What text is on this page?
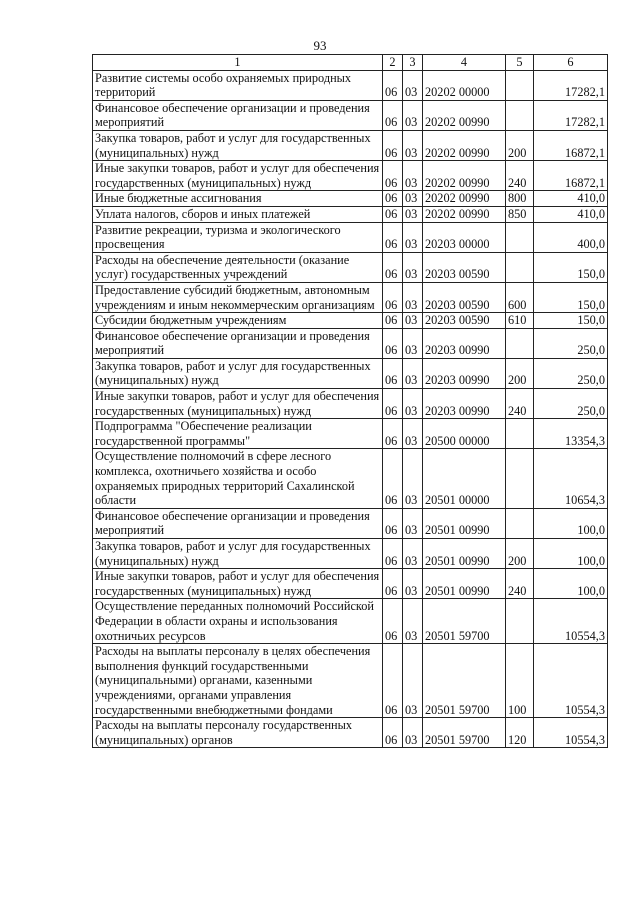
93
1	2	3	4	5	6
Развитие системы особо охраняемых природных территорий	06	03	20202 00000		17282,1
Финансовое обеспечение организации и проведения мероприятий	06	03	20202 00990		17282,1
Закупка товаров, работ и услуг для государственных (муниципальных) нужд	06	03	20202 00990	200	16872,1
Иные закупки товаров, работ и услуг для обеспечения государственных (муниципальных) нужд	06	03	20202 00990	240	16872,1
Иные бюджетные ассигнования	06	03	20202 00990	800	410,0
Уплата налогов, сборов и иных платежей	06	03	20202 00990	850	410,0
Развитие рекреации, туризма и экологического просвещения	06	03	20203 00000		400,0
Расходы на обеспечение деятельности (оказание услуг) государственных учреждений	06	03	20203 00590		150,0
Предоставление субсидий бюджетным, автономным учреждениям и иным некоммерческим организациям	06	03	20203 00590	600	150,0
Субсидии бюджетным учреждениям	06	03	20203 00590	610	150,0
Финансовое обеспечение организации и проведения мероприятий	06	03	20203 00990		250,0
Закупка товаров, работ и услуг для государственных (муниципальных) нужд	06	03	20203 00990	200	250,0
Иные закупки товаров, работ и услуг для обеспечения государственных (муниципальных) нужд	06	03	20203 00990	240	250,0
Подпрограмма "Обеспечение реализации государственной программы"	06	03	20500 00000		13354,3
Осуществление полномочий в сфере лесного комплекса, охотничьего хозяйства и особо охраняемых природных территорий Сахалинской области	06	03	20501 00000		10654,3
Финансовое обеспечение организации и проведения мероприятий	06	03	20501 00990		100,0
Закупка товаров, работ и услуг для государственных (муниципальных) нужд	06	03	20501 00990	200	100,0
Иные закупки товаров, работ и услуг для обеспечения государственных (муниципальных) нужд	06	03	20501 00990	240	100,0
Осуществление переданных полномочий Российской Федерации в области охраны и использования охотничьих ресурсов	06	03	20501 59700		10554,3
Расходы на выплаты персоналу в целях обеспечения выполнения функций государственными (муниципальными) органами, казенными учреждениями, органами управления государственными внебюджетными фондами	06	03	20501 59700	100	10554,3
Расходы на выплаты персоналу государственных (муниципальных) органов	06	03	20501 59700	120	10554,3
